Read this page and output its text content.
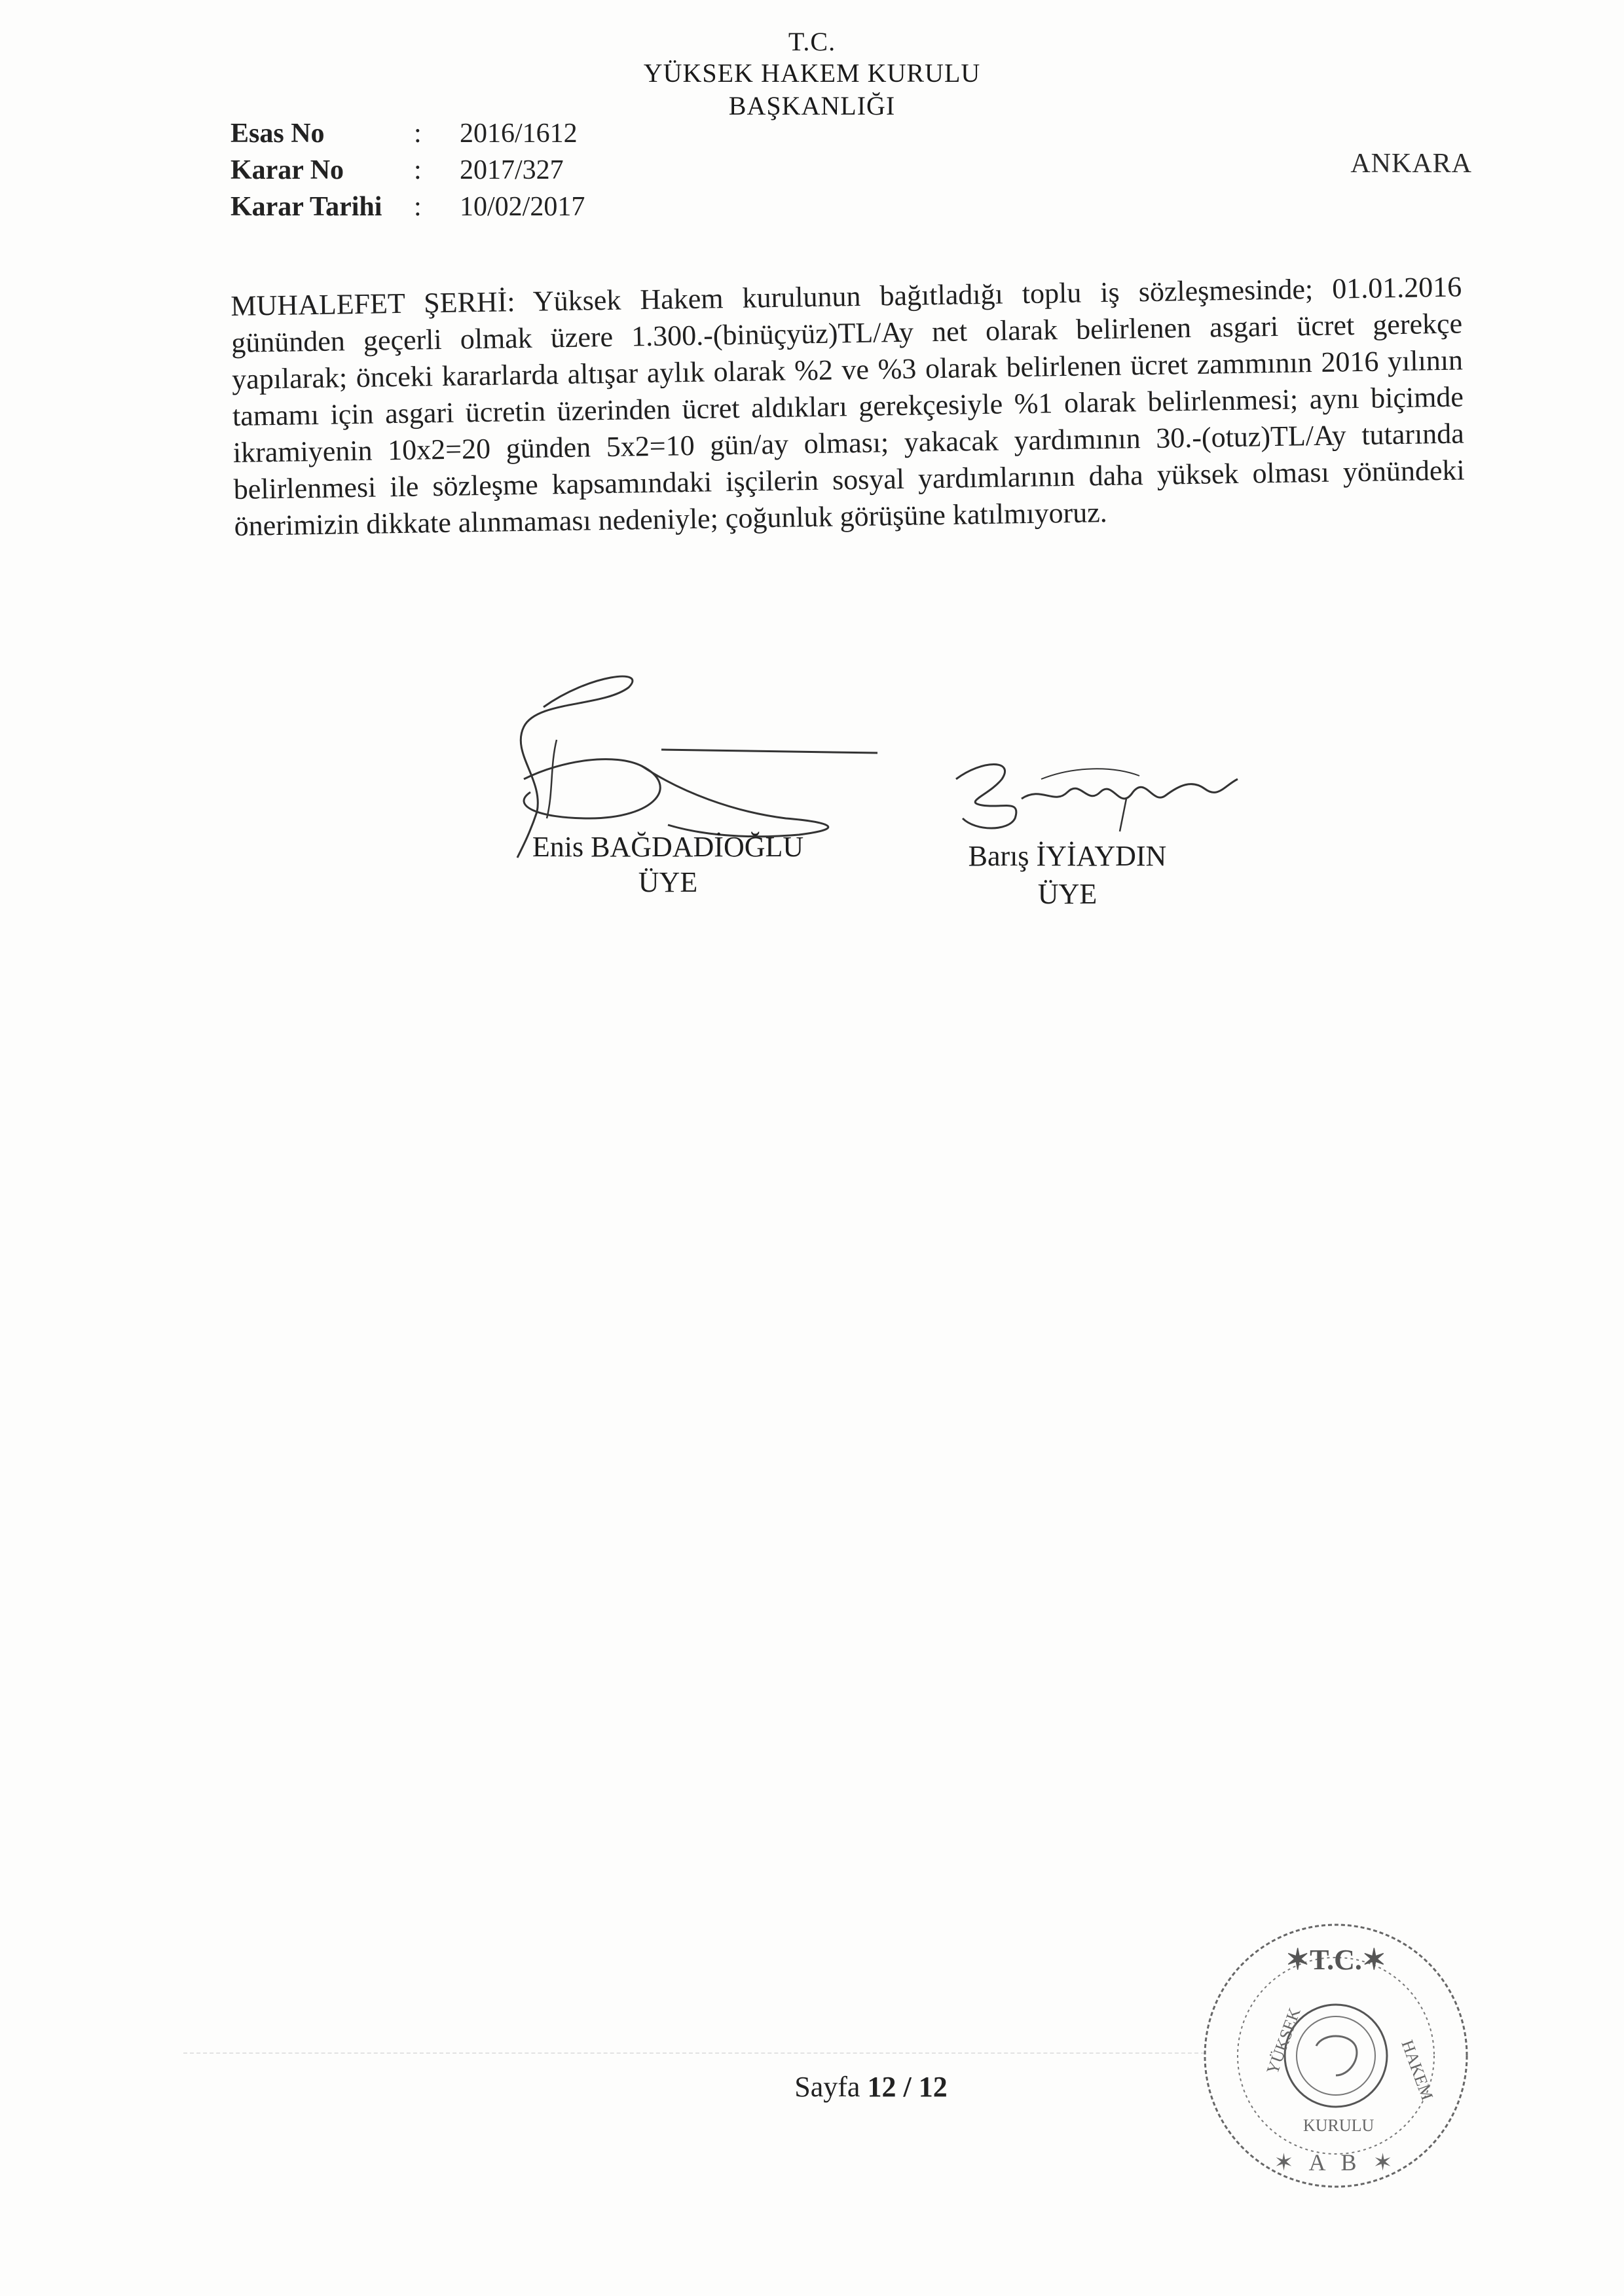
T.C.
YÜKSEK HAKEM KURULU
BAŞKANLIĞI
Esas No	: 2016/1612
Karar No	: 2017/327
Karar Tarihi : 10/02/2017
ANKARA
MUHALEFET ŞERHİ: Yüksek Hakem kurulunun bağıtladığı toplu iş sözleşmesinde; 01.01.2016 gününden geçerli olmak üzere 1.300.-(binüçyüz)TL/Ay net olarak belirlenen asgari ücret gerekçe yapılarak; önceki kararlarda altışar aylık olarak %2 ve %3 olarak belirlenen ücret zammının 2016 yılının tamamı için asgari ücretin üzerinden ücret aldıkları gerekçesiyle %1 olarak belirlenmesi; aynı biçimde ikramiyenin 10x2=20 günden 5x2=10 gün/ay olması; yakacak yardımının 30.-(otuz)TL/Ay tutarında belirlenmesi ile sözleşme kapsamındaki işçilerin sosyal yardımlarının daha yüksek olması yönündeki önerimizin dikkate alınmaması nedeniyle; çoğunluk görüşüne katılmıyoruz.
Enis BAĞDADİOĞLU
ÜYE
Barış İYİAYDIN
ÜYE
✶T.C.✶
✶ A B ✶
YÜKSEK	HAKEM
KURULU
Sayfa 12 / 12
